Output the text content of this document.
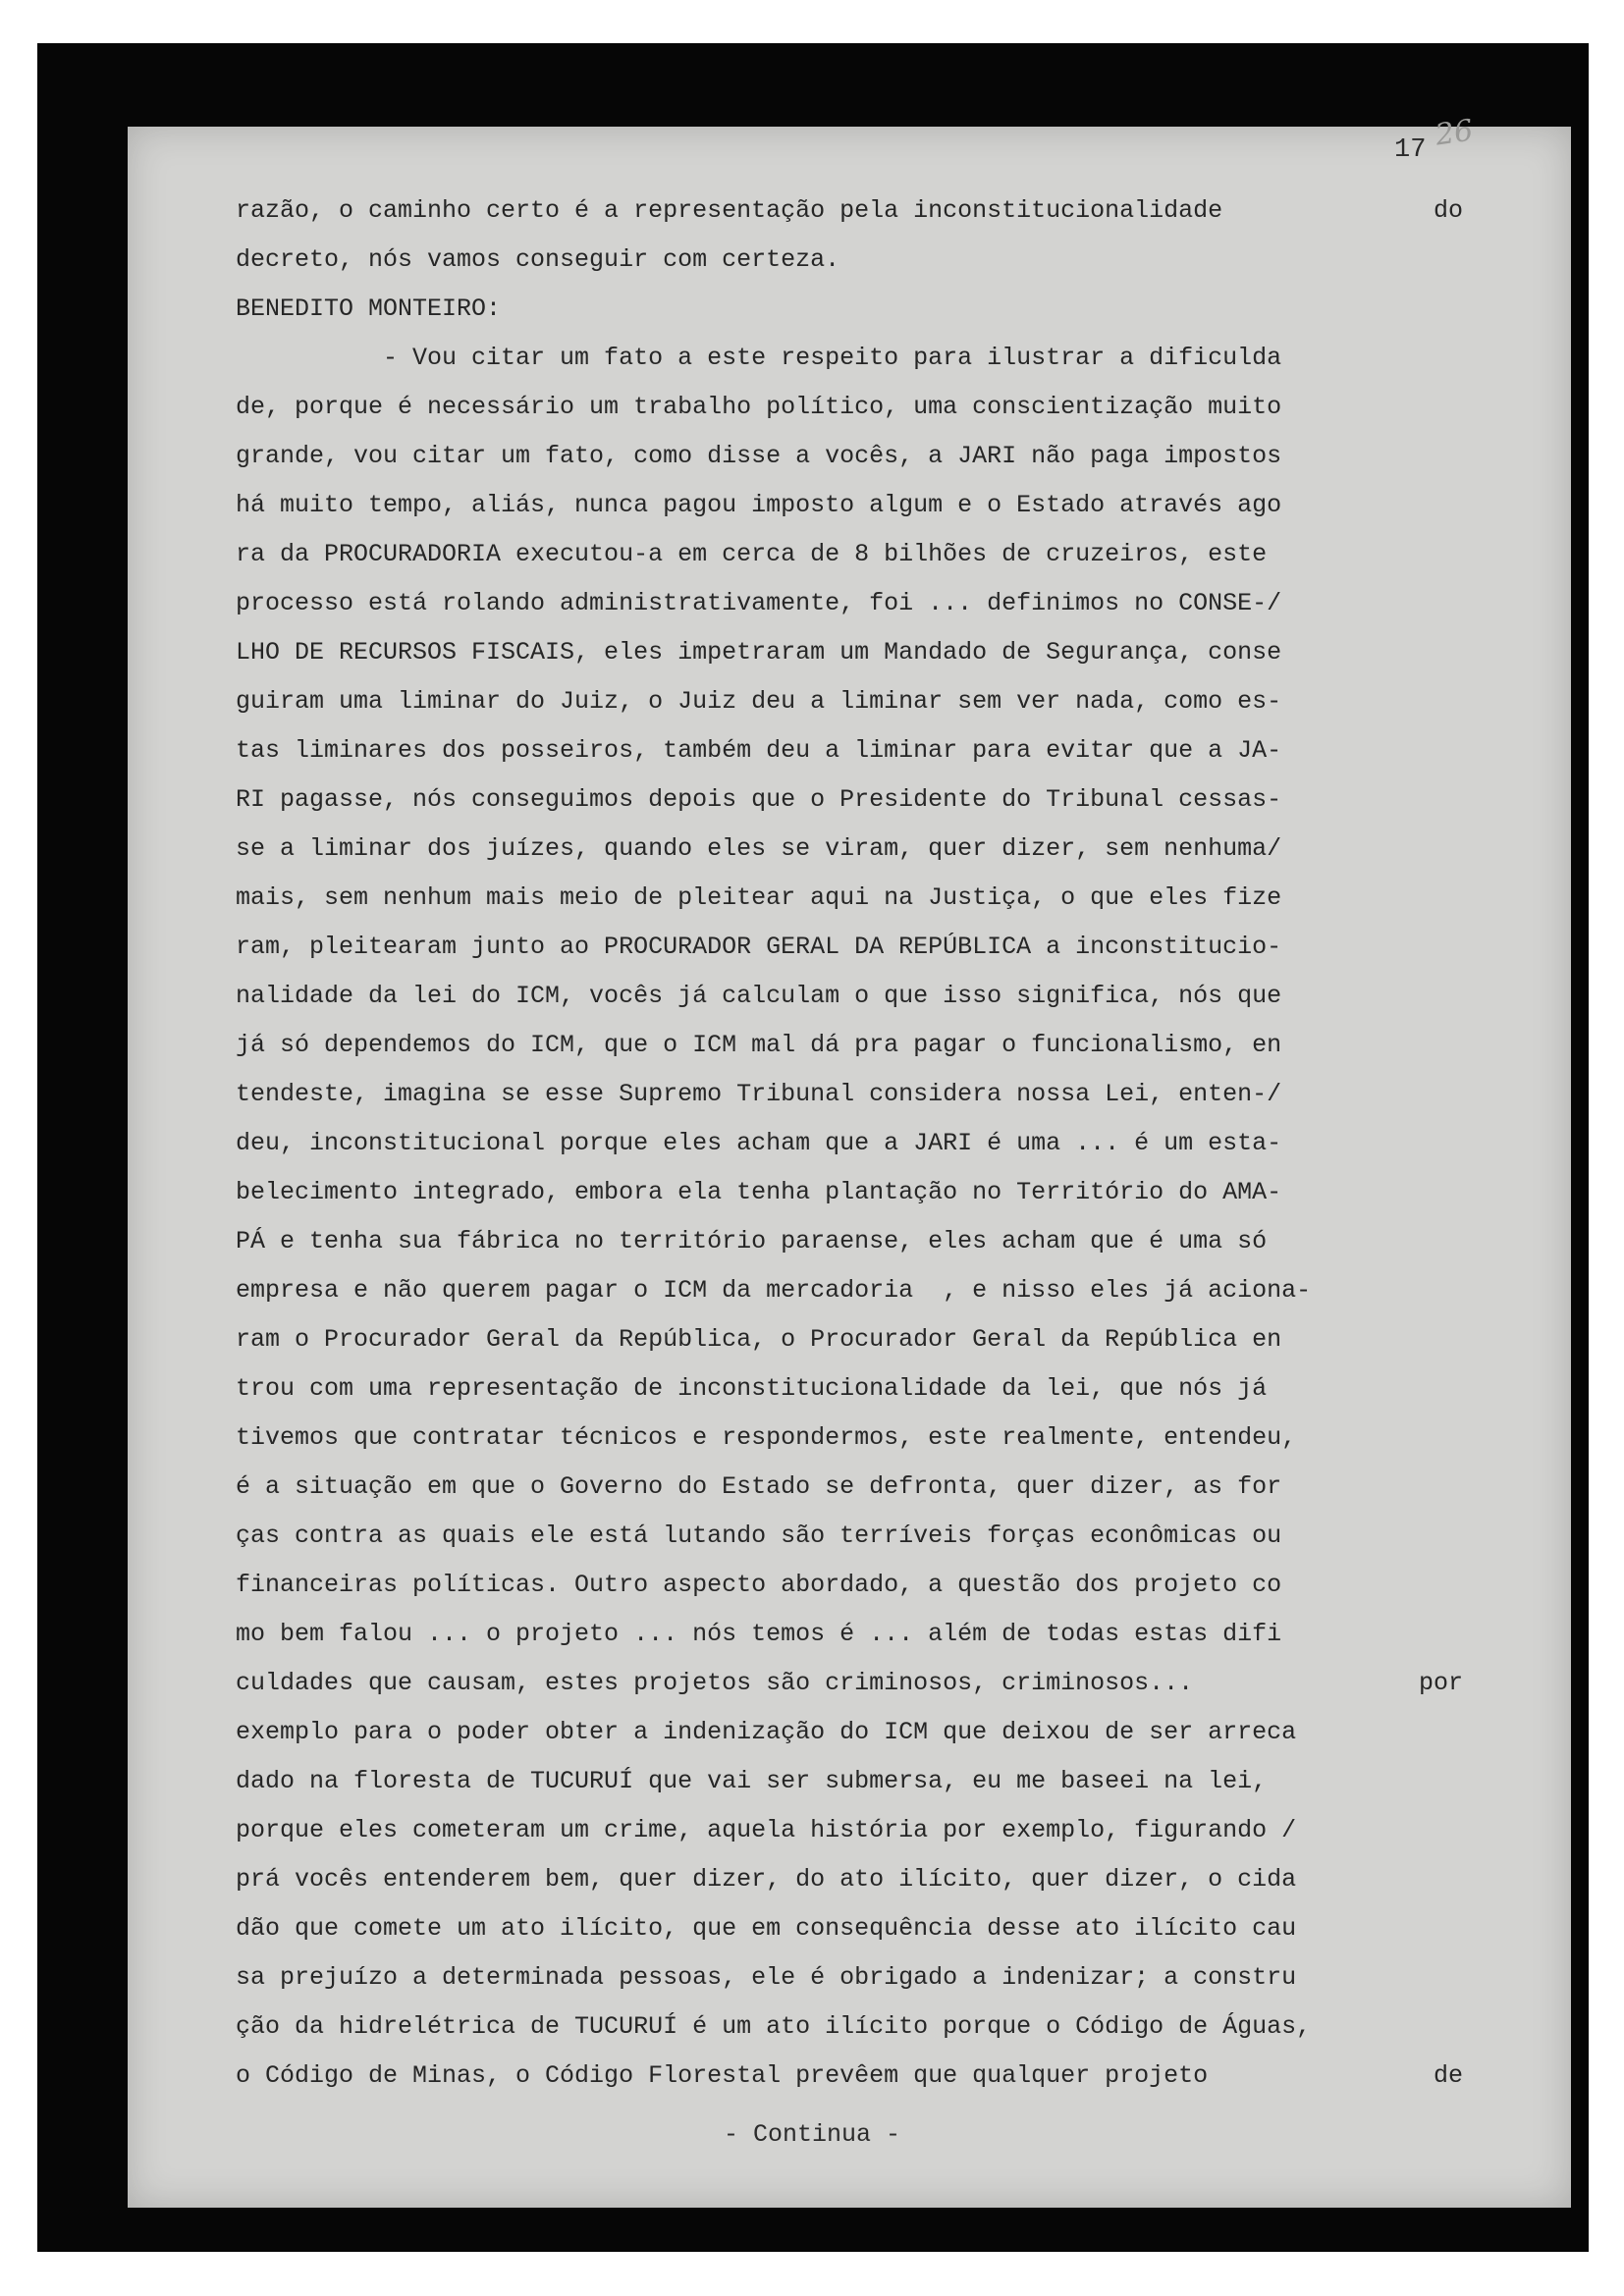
17 26
razão, o caminho certo é a representação pela inconstitucionalidade	do
decreto, nós vamos conseguir com certeza.
BENEDITO MONTEIRO:
- Vou citar um fato a este respeito para ilustrar a dificulda
de, porque é necessário um trabalho político, uma conscientização muito
grande, vou citar um fato, como disse a vocês, a JARI não paga impostos
há muito tempo, aliás, nunca pagou imposto algum e o Estado através ago
ra da PROCURADORIA executou-a em cerca de 8 bilhões de cruzeiros, este
processo está rolando administrativamente, foi ... definimos no CONSE-/
LHO DE RECURSOS FISCAIS, eles impetraram um Mandado de Segurança, conse
guiram uma liminar do Juiz, o Juiz deu a liminar sem ver nada, como es-
tas liminares dos posseiros, também deu a liminar para evitar que a JA-
RI pagasse, nós conseguimos depois que o Presidente do Tribunal cessas-
se a liminar dos juízes, quando eles se viram, quer dizer, sem nenhuma/
mais, sem nenhum mais meio de pleitear aqui na Justiça, o que eles fize
ram, pleitearam junto ao PROCURADOR GERAL DA REPÚBLICA a inconstitucio-
nalidade da lei do ICM, vocês já calculam o que isso significa, nós que
já só dependemos do ICM, que o ICM mal dá pra pagar o funcionalismo, en
tendeste, imagina se esse Supremo Tribunal considera nossa Lei, enten-/
deu, inconstitucional porque eles acham que a JARI é uma ... é um esta-
belecimento integrado, embora ela tenha plantação no Território do AMA-
PÁ e tenha sua fábrica no território paraense, eles acham que é uma só
empresa e não querem pagar o ICM da mercadoria  , e nisso eles já aciona-
ram o Procurador Geral da República, o Procurador Geral da República en
trou com uma representação de inconstitucionalidade da lei, que nós já
tivemos que contratar técnicos e respondermos, este realmente, entendeu,
é a situação em que o Governo do Estado se defronta, quer dizer, as for
ças contra as quais ele está lutando são terríveis forças econômicas ou
financeiras políticas. Outro aspecto abordado, a questão dos projeto co
mo bem falou ... o projeto ... nós temos é ... além de todas estas difi
culdades que causam, estes projetos são criminosos, criminosos...	por
exemplo para o poder obter a indenização do ICM que deixou de ser arreca
dado na floresta de TUCURUÍ que vai ser submersa, eu me baseei na lei,
porque eles cometeram um crime, aquela história por exemplo, figurando /
prá vocês entenderem bem, quer dizer, do ato ilícito, quer dizer, o cida
dão que comete um ato ilícito, que em consequência desse ato ilícito cau
sa prejuízo a determinada pessoas, ele é obrigado a indenizar; a constru
ção da hidrelétrica de TUCURUÍ é um ato ilícito porque o Código de Águas,
o Código de Minas, o Código Florestal prevêem que qualquer projeto	de
- Continua -
